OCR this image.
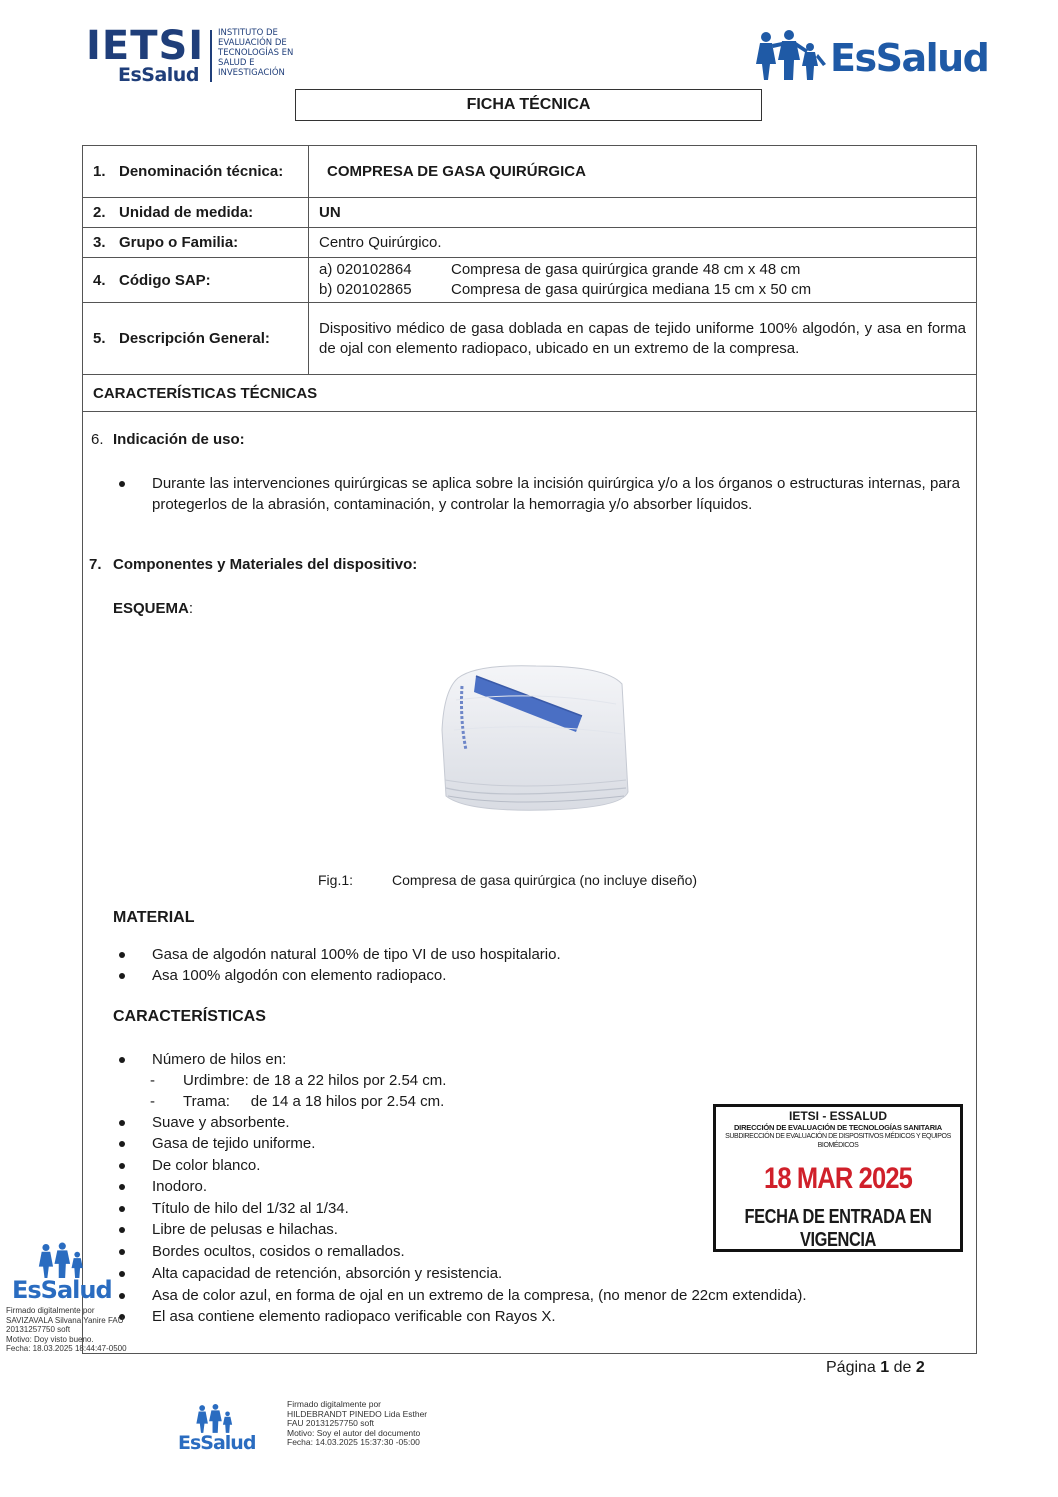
IETSI
EsSalud
INSTITUTO DE
EVALUACIÓN DE
TECNOLOGÍAS EN
SALUD E
INVESTIGACIÓN	EsSalud
FICHA TÉCNICA
1. Denominación técnica:	COMPRESA DE GASA QUIRÚRGICA
2. Unidad de medida:	UN
3. Grupo o Familia:	Centro Quirúrgico.
4. Código SAP:	a) 020102864 Compresa de gasa quirúrgica grande 48 cm x 48 cm
b) 020102865 Compresa de gasa quirúrgica mediana 15 cm x 50 cm

5. Descripción General:	Dispositivo médico de gasa doblada en capas de tejido uniforme 100% algodón, y asa en forma de ojal con elemento radiopaco, ubicado en un extremo de la compresa.
CARACTERÍSTICAS TÉCNICAS	
6. Indicación de uso:
Durante las intervenciones quirúrgicas se aplica sobre la incisión quirúrgica y/o a los órganos o estructuras internas, para protegerlos de la abrasión, contaminación, y controlar la hemorragia y/o absorber líquidos.
7. Componentes y Materiales del dispositivo:
ESQUEMA:
Fig.1:	Compresa de gasa quirúrgica (no incluye diseño)
MATERIAL
Gasa de algodón natural 100% de tipo VI de uso hospitalario.
Asa 100% algodón con elemento radiopaco.
CARACTERÍSTICAS
Número de hilos en:
- Urdimbre: de 18 a 22 hilos por 2.54 cm.
- Trama:     de 14 a 18 hilos por 2.54 cm.
Suave y absorbente.
Gasa de tejido uniforme.
De color blanco.
Inodoro.
Título de hilo del 1/32 al 1/34.
Libre de pelusas e hilachas.
Bordes ocultos, cosidos o remallados.
Alta capacidad de retención, absorción y resistencia.
Asa de color azul, en forma de ojal en un extremo de la compresa, (no menor de 22cm extendida).
El asa contiene elemento radiopaco verificable con Rayos X.
IETSI - ESSALUD
DIRECCIÓN DE EVALUACIÓN DE TECNOLOGÍAS SANITARIA
SUBDIRECCIÓN DE EVALUACIÓN DE DISPOSITIVOS MÉDICOS Y EQUIPOS BIOMÉDICOS
18 MAR 2025
FECHA DE ENTRADA EN VIGENCIA
Página 1 de 2
EsSalud
Firmado digitalmente por
SAVIZAVALA Silvana Yanire FAU
20131257750 soft
Motivo: Doy visto bueno.
Fecha: 18.03.2025 18:44:47-0500
EsSalud
Firmado digitalmente por
HILDEBRANDT PINEDO Lida Esther
FAU 20131257750 soft
Motivo: Soy el autor del documento
Fecha: 14.03.2025 15:37:30 -05:00
